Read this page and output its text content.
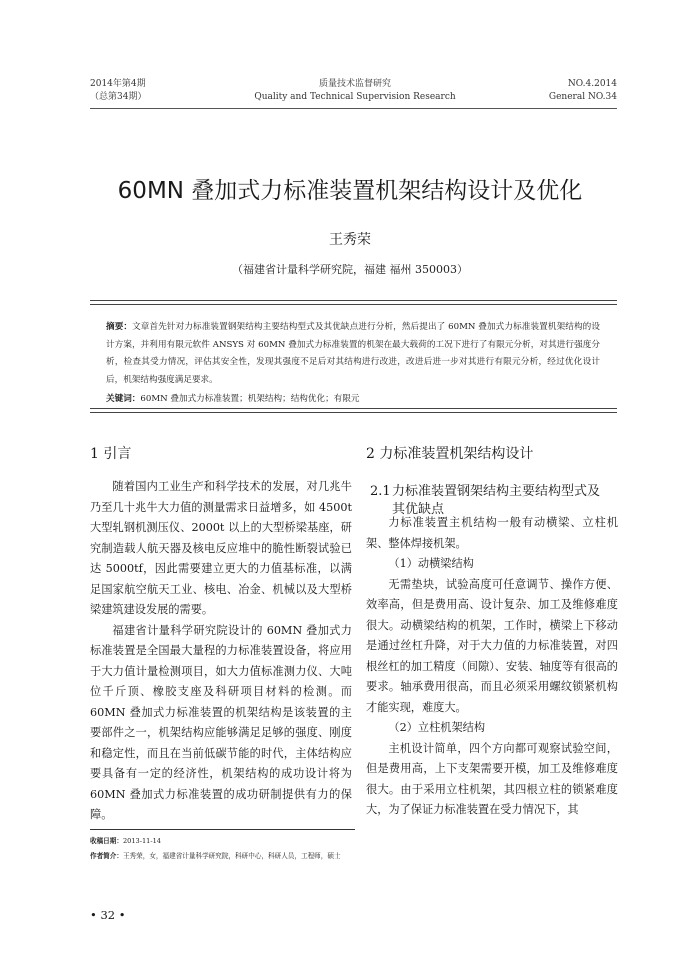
2014年第4期
（总第34期）
质量技术监督研究
Quality and Technical Supervision Research
NO.4.2014
General NO.34
60MN 叠加式力标准装置机架结构设计及优化
王秀荣
（福建省计量科学研究院，福建 福州 350003）
摘要：文章首先针对力标准装置钢架结构主要结构型式及其优缺点进行分析，然后提出了 60MN 叠加式力标准装置机架结构的设计方案，并利用有限元软件 ANSYS 对 60MN 叠加式力标准装置的机架在最大载荷的工况下进行了有限元分析，对其进行强度分析，检查其受力情况，评估其安全性，发现其强度不足后对其结构进行改进，改进后进一步对其进行有限元分析，经过优化设计后，机架结构强度满足要求。
关键词：60MN 叠加式力标准装置；机架结构；结构优化；有限元
1 引言	2 力标准装置机架结构设计
2.1力标准装置钢架结构主要结构型式及
其优缺点

随着国内工业生产和科学技术的发展，对几兆牛乃至几十兆牛大力值的测量需求日益增多，如 4500t 大型轧钢机测压仪、2000t 以上的大型桥梁基座，研究制造载人航天器及核电反应堆中的脆性断裂试验已达 5000tf，因此需要建立更大的力值基标准，以满足国家航空航天工业、核电、冶金、机械以及大型桥梁建筑建设发展的需要。

福建省计量科学研究院设计的 60MN 叠加式力标准装置是全国最大量程的力标准装置设备，将应用于大力值计量检测项目，如大力值标准测力仪、大吨位千斤顶、橡胶支座及科研项目材料的检测。而 60MN 叠加式力标准装置的机架结构是该装置的主要部件之一，机架结构应能够满足足够的强度、刚度和稳定性，而且在当前低碳节能的时代，主体结构应要具备有一定的经济性，机架结构的成功设计将为 60MN 叠加式力标准装置的成功研制提供有力的保障。

力标准装置主机结构一般有动横梁、立柱机架、整体焊接机架。

（1）动横梁结构

无需垫块，试验高度可任意调节、操作方便、效率高，但是费用高、设计复杂、加工及维修难度很大。动横梁结构的机架，工作时，横梁上下移动是通过丝杠升降，对于大力值的力标准装置，对四根丝杠的加工精度（间隙）、安装、轴度等有很高的要求。轴承费用很高，而且必须采用螺纹锁紧机构才能实现，难度大。

（2）立柱机架结构

主机设计简单，四个方向都可观察试验空间，但是费用高，上下支架需要开模，加工及维修难度很大。由于采用立柱机架，其四根立柱的锁紧难度大，为了保证力标准装置在受力情况下，其

收稿日期：2013-11-14
作者简介：王秀荣，女，福建省计量科学研究院，科研中心，科研人员，工程师，硕士
• 32 •
